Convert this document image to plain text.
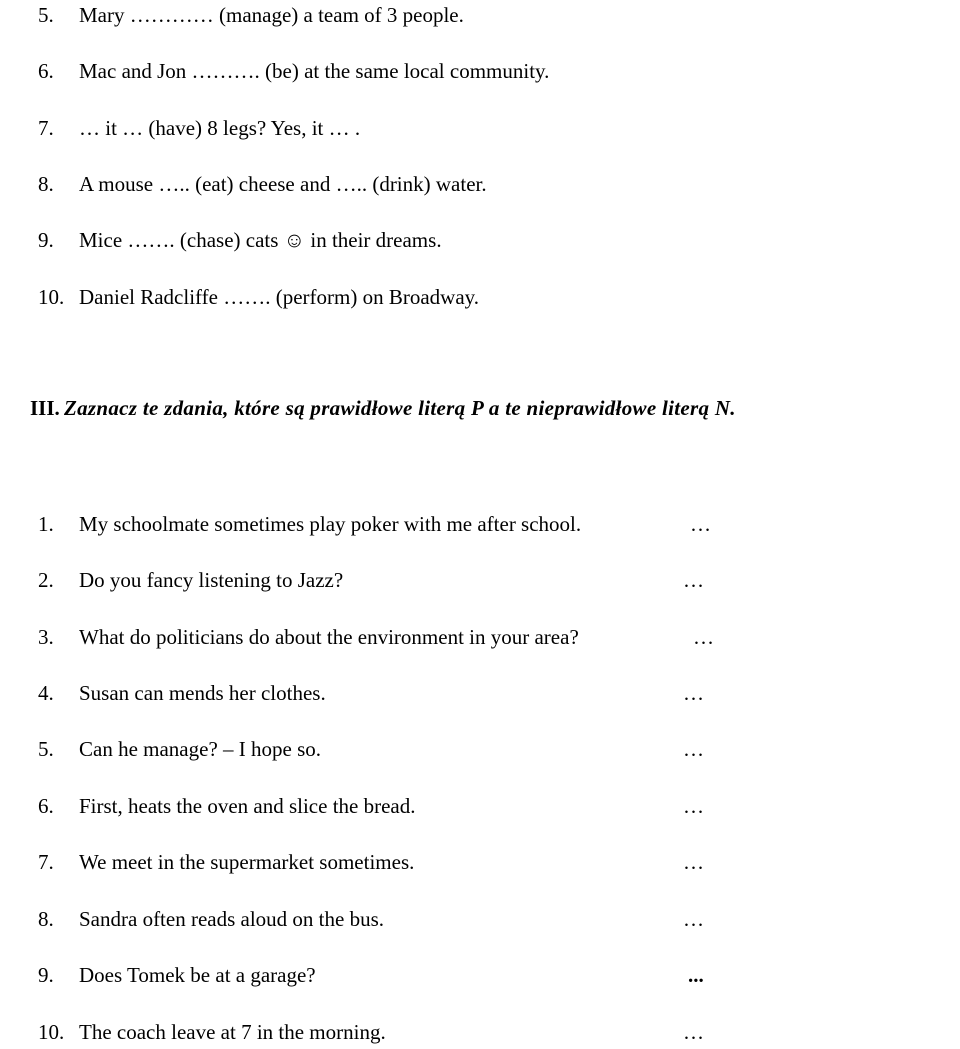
5. Mary ………… (manage) a team of 3 people.
6. Mac and Jon ………. (be) at the same local community.
7. … it … (have) 8 legs? Yes, it … .
8. A mouse ….. (eat) cheese and ….. (drink) water.
9. Mice ……. (chase) cats ☺ in their dreams.
10. Daniel Radcliffe ……. (perform) on Broadway.
III. Zaznacz te zdania, które są prawidłowe literą P a te nieprawidłowe literą N.
1. My schoolmate sometimes play poker with me after school.	…
2. Do you fancy listening to Jazz?	…
3. What do politicians do about the environment in your area?	…
4. Susan can mends her clothes.	…
5. Can he manage? – I hope so.	…
6. First, heats the oven and slice the bread.	…
7. We meet in the supermarket sometimes.	…
8. Sandra often reads aloud on the bus.	…
9. Does Tomek be at a garage?	...
10. The coach leave at 7 in the morning.	…
